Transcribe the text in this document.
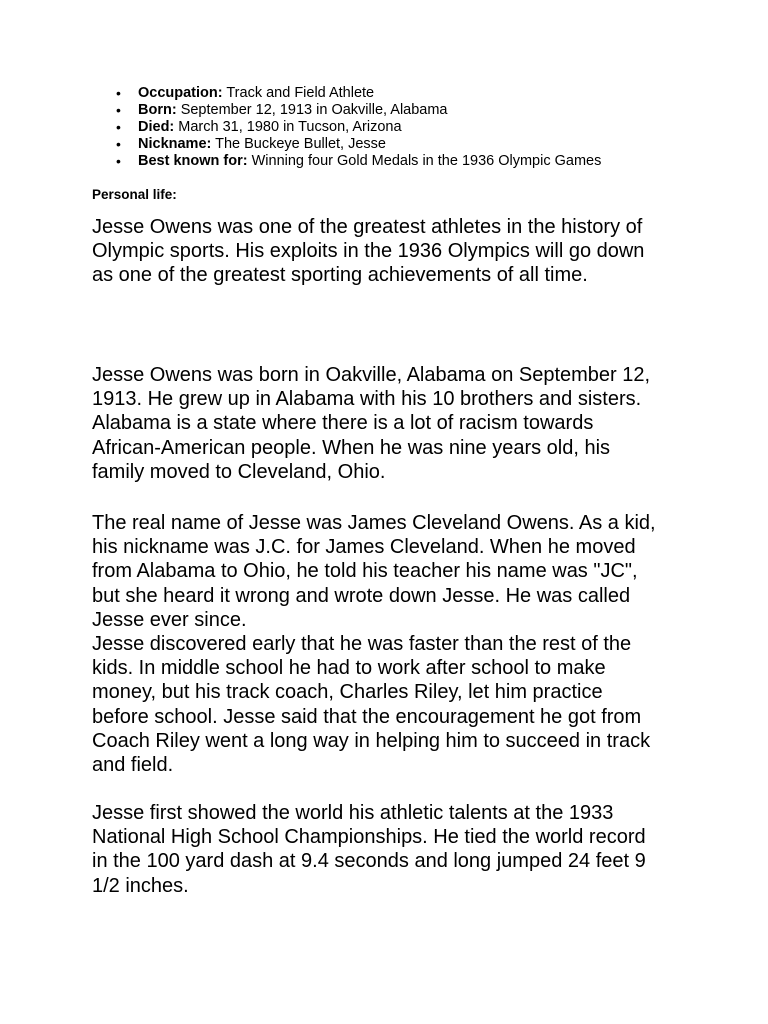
• Occupation: Track and Field Athlete
• Born: September 12, 1913 in Oakville, Alabama
• Died: March 31, 1980 in Tucson, Arizona
• Nickname: The Buckeye Bullet, Jesse
• Best known for: Winning four Gold Medals in the 1936 Olympic Games
Personal life:

Jesse Owens was one of the greatest athletes in the history of
Olympic sports. His exploits in the 1936 Olympics will go down
as one of the greatest sporting achievements of all time.

Jesse Owens was born in Oakville, Alabama on September 12,
1913. He grew up in Alabama with his 10 brothers and sisters.
Alabama is a state where there is a lot of racism towards
African-American people. When he was nine years old, his
family moved to Cleveland, Ohio.

The real name of Jesse was James Cleveland Owens. As a kid,
his nickname was J.C. for James Cleveland. When he moved
from Alabama to Ohio, he told his teacher his name was "JC",
but she heard it wrong and wrote down Jesse. He was called
Jesse ever since.
Jesse discovered early that he was faster than the rest of the
kids. In middle school he had to work after school to make
money, but his track coach, Charles Riley, let him practice
before school. Jesse said that the encouragement he got from
Coach Riley went a long way in helping him to succeed in track
and field.

Jesse first showed the world his athletic talents at the 1933
National High School Championships. He tied the world record
in the 100 yard dash at 9.4 seconds and long jumped 24 feet 9
1/2 inches.
